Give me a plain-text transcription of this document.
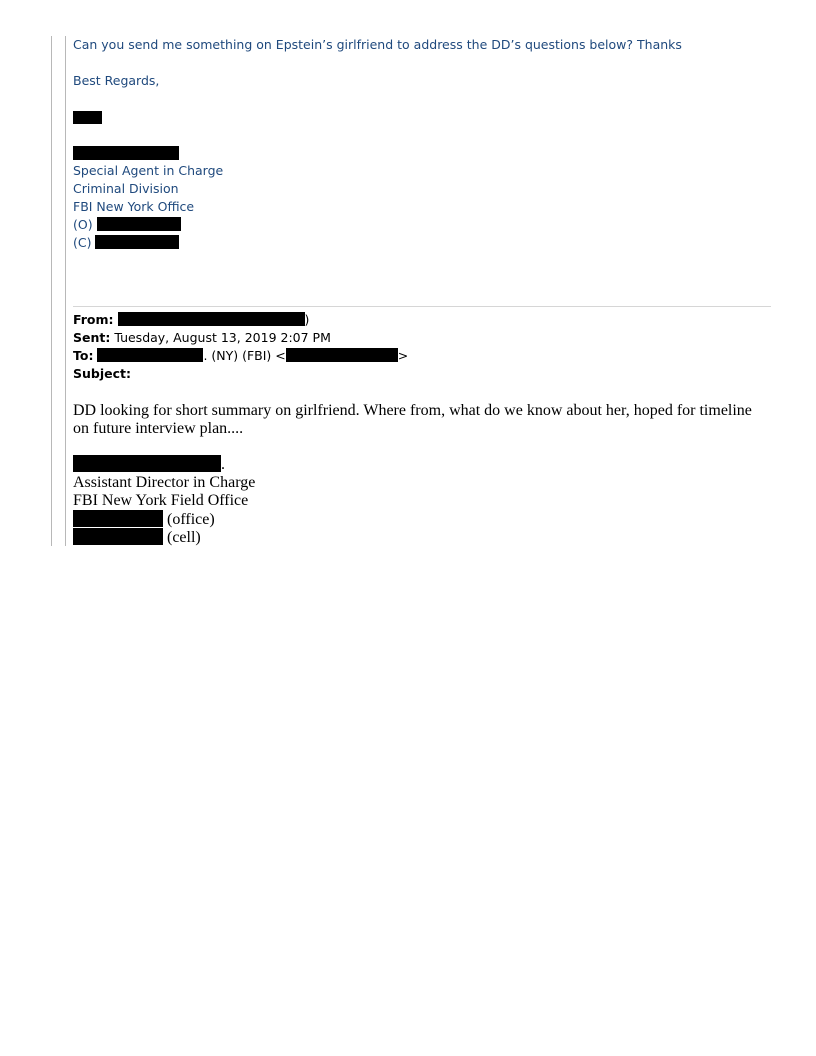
Can you send me something on Epstein’s girlfriend to address the DD’s questions below? Thanks
Best Regards,
Special Agent in Charge
Criminal Division
FBI New York Office
(O)
(C)
From:	)
Sent: Tuesday, August 13, 2019 2:07 PM
To:	. (NY) (FBI) <	>
Subject:
DD looking for short summary on girlfriend. Where from, what do we know about her, hoped for timeline on future interview plan....
.
Assistant Director in Charge
FBI New York Field Office
(office)
(cell)
